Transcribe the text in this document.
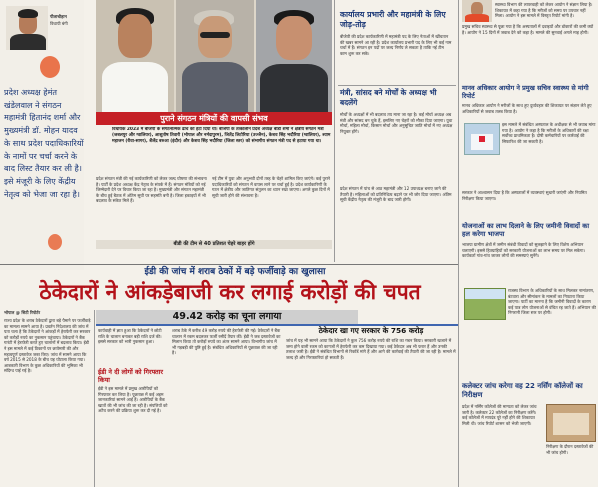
पीलाचौहान
विधायी बंगी
प्रदेश अध्यक्ष हेमंत खंडेलवाल ने संगठन महामंत्री हितानंद शर्मा और मुख्यमंत्री डॉ. मोहन यादव के साथ प्रदेश पदाधिकारियों के नामों पर चर्चा करने के बाद लिस्ट तैयार कर ली है। इसे मंजूरी के लिए केंद्रीय नेतृत्व को भेजा जा रहा है।
पुराने संगठन मंत्रियों की वापसी संभव
विधायक 2023 में बीजेपी के संगठनात्मक ढांचे को हटा दिया था। बीजेपी के तत्कालीन प्रदेश अध्यक्ष बीडी शर्मा ने क्षेत्रीय संगठन मंत्री (जबलपुर और ग्वालियर), आशुतोष तिवारी (भोपाल और नर्मदापुरम), जितेंद्र लिटोरिया (उज्जैन), केशव सिंह भदौरिया (ग्वालियर), श्याम महाजन (रीवा-सागर), शैलेंद्र बरुआ (इंदौर) और केशव सिंह भदौरिया (जिला स्तर) को संभागीय संगठन मंत्री पद से हटाया गया था।
प्रदेश संगठन मंत्री की नई कार्यकारिणी को लेकर जल्द घोषणा की संभावना है। पार्टी के प्रदेश अध्यक्ष केंद्र नेतृत्व के संपर्क में हैं। संगठन मंत्रियों को नई जिम्मेदारी देने पर विचार किया जा रहा है। मुख्यमंत्री और संगठन महामंत्री के बीच हुई बैठक में अंतिम सूची पर सहमति बनी है। जिला इकाइयों में भी बदलाव के संकेत मिले हैं।
नई टीम में युवा और अनुभवी दोनों तरह के चेहरे शामिल किए जाएंगे। कई पुराने पदाधिकारियों को संगठन में वापस लाने पर चर्चा हुई है। प्रदेश कार्यकारिणी के गठन में क्षेत्रीय और जातिगत संतुलन का ध्यान रखा जाएगा। अगले कुछ दिनों में सूची जारी होने की संभावना है।
बीडी की टीम से 40 प्रतिशत चेहरे बाहर होंगे
कार्यालय प्रभारी और महामंत्री के लिए जोड़-तोड़
बीजेपी की प्रदेश कार्यकारिणी में महामंत्री पद के लिए नेताओं में खींचतान की खबर सामने आ रही है। प्रदेश कार्यालय प्रभारी पद के लिए भी कई नाम चर्चा में हैं। संगठन इन पदों पर जल्द निर्णय ले सकता है ताकि नई टीम काम शुरू कर सके।
मंत्री, सांसद बने मोर्चों के अध्यक्ष भी बदलेंगे
मोर्चों के अध्यक्षों में भी बदलाव तय माना जा रहा है। कई मोर्चा अध्यक्ष अब मंत्री और सांसद बन चुके हैं, इसलिए नए चेहरों को मौका दिया जाएगा। युवा मोर्चा, महिला मोर्चा, किसान मोर्चा और अनुसूचित जाति मोर्चा में नए अध्यक्ष नियुक्त होंगे।
प्रदेश संगठन में पांच से आठ महामंत्री और 12 उपाध्यक्ष बनाए जाने की तैयारी है। महिलाओं को प्रतिनिधित्व बढ़ाने पर भी जोर दिया जाएगा। अंतिम सूची केंद्रीय नेतृत्व की मंजूरी के बाद जारी होगी।
स्वास्थ्य विभाग की लापरवाही को लेकर आयोग ने संज्ञान लिया है। शिकायत में कहा गया है कि मरीजों को समय पर उपचार नहीं मिला। आयोग ने इस मामले में विस्तृत रिपोर्ट मांगी है।
प्रमुख सचिव स्वास्थ्य से पूछा गया है कि अस्पतालों में दवाइयों और डॉक्टरों की कमी क्यों है। आयोग ने 15 दिनों में जवाब देने को कहा है। मामले की सुनवाई अगले माह होगी।
मानव अधिकार आयोग ने प्रमुख सचिव स्वास्थ्य से मांगी रिपोर्ट
मानव अधिकार आयोग ने मरीजों के साथ हुए दुर्व्यवहार की शिकायत पर संज्ञान लेते हुए अधिकारियों से जवाब तलब किया है।
इस मामले में संबंधित अस्पताल के अधीक्षक से भी जवाब मांगा गया है। आयोग ने कहा है कि मरीजों के अधिकारों की रक्षा सर्वोच्च प्राथमिकता है। दोषी कर्मचारियों पर कार्रवाई की सिफारिश की जा सकती है।
सरकार ने आश्वासन दिया है कि अस्पतालों में व्यवस्थाएं सुधारी जाएंगी और नियमित निरीक्षण किया जाएगा।
योजनाओं का लाभ दिलाने के लिए जमीनी विवादों का हल करेगा भाजपा
भाजपा ग्रामीण क्षेत्रों में जमीन संबंधी विवादों को सुलझाने के लिए विशेष अभियान चलाएगी। इससे हितग्राहियों को सरकारी योजनाओं का लाभ समय पर मिल सकेगा। कार्यकर्ता गांव-गांव जाकर लोगों की समस्याएं सुनेंगे।
राजस्व विभाग के अधिकारियों के साथ मिलकर नामांतरण, बंटवारा और सीमांकन के मामलों का निपटारा किया जाएगा। पार्टी का मानना है कि जमीनी विवादों के कारण कई पात्र लोग योजनाओं से वंचित रह जाते हैं। अभियान की निगरानी जिला स्तर पर होगी।
कलेक्टर जांच करेगा वह 22 नर्सिंग कॉलेजों का निरीक्षण
प्रदेश में नर्सिंग कॉलेजों की मान्यता को लेकर जांच जारी है। कलेक्टर 22 कॉलेजों का निरीक्षण करेंगे। कई कॉलेजों में मापदंड पूरे नहीं होने की शिकायत मिली थी। जांच रिपोर्ट शासन को भेजी जाएगी।
निरीक्षण के दौरान दस्तावेजों की भी जांच होगी।
ईडी की जांच में शराब ठेकों में बड़े फर्जीवाड़े का खुलासा
ठेकेदारों ने आंकड़ेबाजी कर लगाई करोड़ों की चपत
49.42 करोड़ का चूना लगाया
भोपाल @ सिटी रिपोर्टर
राज्य प्रदेश के शराब ठेकेदारों द्वारा बड़े पैमाने पर फर्जीवाड़े का मामला सामने आया है। प्रवर्तन निदेशालय की जांच में पता चला है कि ठेकेदारों ने आंकड़ों में हेराफेरी कर सरकार को करोड़ों रुपये का नुकसान पहुंचाया। ठेकेदारों ने बैंक गारंटी में हेराफेरी करते हुए चालानों में बदलाव किया। ईडी ने इस मामले में कई ठिकानों पर छापेमारी की और महत्वपूर्ण दस्तावेज जब्त किए। जांच में सामने आया कि वर्ष 2015 से 2018 के बीच यह घोटाला किया गया। आबकारी विभाग के कुछ अधिकारियों की भूमिका भी संदिग्ध पाई गई है।
कार्यवाही में ज्ञात हुआ कि ठेकेदारों ने छोटी राशि के चालान बनाकर बड़ी राशि दर्ज की। इससे सरकार को भारी नुकसान हुआ।
ईडी ने दी लोगों को गिरफ्तार किया
ईडी ने इस मामले में प्रमुख आरोपियों को गिरफ्तार कर लिया है। पूछताछ में कई अहम जानकारियां सामने आई हैं। आरोपियों के बैंक खातों की भी जांच की जा रही है। संपत्तियों को अटैच करने की प्रक्रिया शुरू कर दी गई है।
शराब ठेके में करीब 49 करोड़ रुपये की हेराफेरी की गई। ठेकेदारों ने बैंक चालान में रकम बदलकर फर्जी रसीदें तैयार कीं। ईडी ने जब दस्तावेजों का मिलान किया तो करोड़ों रुपये का अंतर सामने आया। विभागीय जांच में भी गड़बड़ी की पुष्टि हुई है। संबंधित अधिकारियों से पूछताछ की जा रही है।
ठेकेदार खा गए सरकार के 756 करोड़
जांच में यह भी सामने आया कि ठेकेदारों ने कुल 756 करोड़ रुपये की राशि का गबन किया। सरकारी खजाने में जमा होने वाली रकम को कागजों में हेराफेरी कर कम दिखाया गया। कई ठेकेदार अब भी फरार हैं और उनकी तलाश जारी है। ईडी ने संबंधित विभागों से रिकॉर्ड मांगे हैं और आगे की कार्रवाई की तैयारी की जा रही है। मामले में जल्द ही और गिरफ्तारियां हो सकती हैं।
